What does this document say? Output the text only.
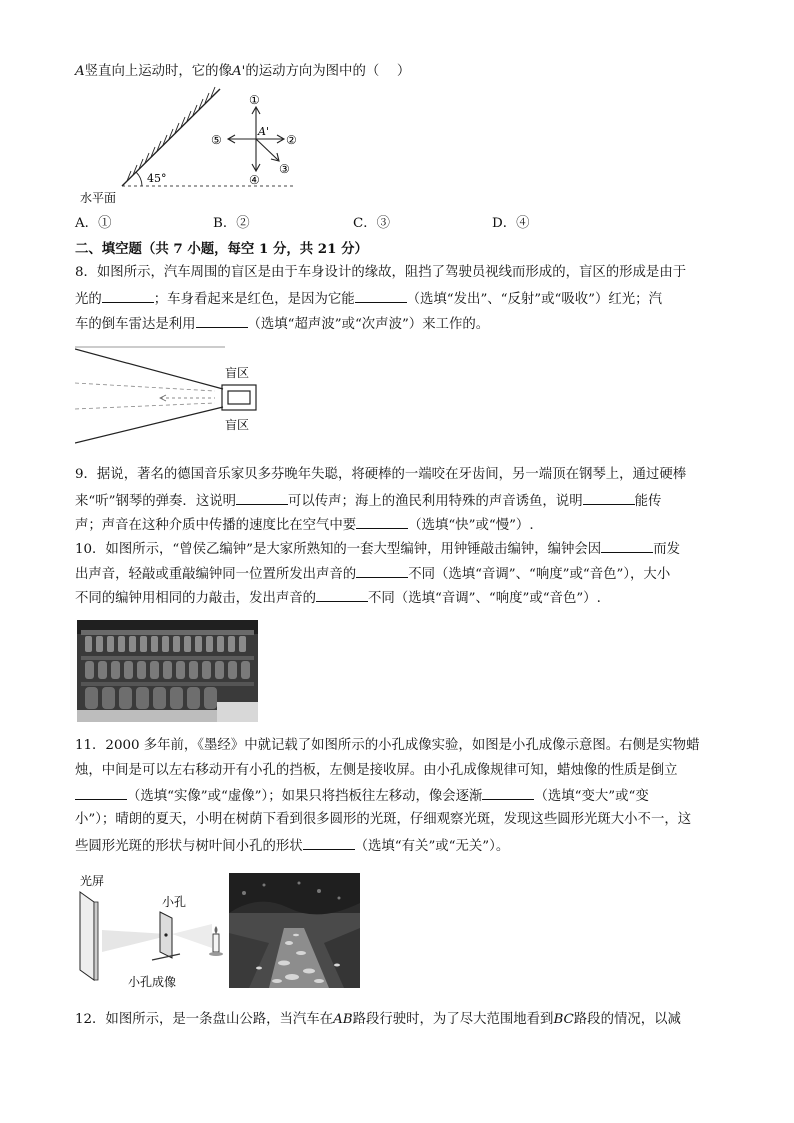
A竖直向上运动时，它的像A'的运动方向为图中的（　 ）
45°
①
②
③
④
⑤
A'
水平面
A．①	B．②	C．③	D．④
二、填空题（共 7 小题，每空 1 分，共 21 分）
8．如图所示，汽车周围的盲区是由于车身设计的缘故，阻挡了驾驶员视线而形成的，盲区的形成是由于
光的	；车身看起来是红色，是因为它能	（选填“发出”、“反射”或“吸收”）红光；汽
车的倒车雷达是利用	（选填“超声波”或“次声波”）来工作的。
盲区
盲区
9．据说，著名的德国音乐家贝多芬晚年失聪，将硬棒的一端咬在牙齿间，另一端顶在钢琴上，通过硬棒
来“听”钢琴的弹奏．这说明	可以传声；海上的渔民利用特殊的声音诱鱼，说明	能传
声；声音在这种介质中传播的速度比在空气中要	（选填“快”或“慢”）.
10．如图所示，“曾侯乙编钟”是大家所熟知的一套大型编钟，用钟锤敲击编钟，编钟会因	而发
出声音，轻敲或重敲编钟同一位置所发出声音的	不同（选填“音调”、“响度”或“音色”），大小
不同的编钟用相同的力敲击，发出声音的	不同（选填“音调”、“响度”或“音色”）.
11．2000 多年前，《墨经》中就记载了如图所示的小孔成像实验，如图是小孔成像示意图。右侧是实物蜡
烛，中间是可以左右移动开有小孔的挡板，左侧是接收屏。由小孔成像规律可知，蜡烛像的性质是倒立
（选填“实像”或“虚像”）；如果只将挡板往左移动，像会逐渐	（选填“变大”或“变
小”）；晴朗的夏天，小明在树荫下看到很多圆形的光斑，仔细观察光斑，发现这些圆形光斑大小不一，这
些圆形光斑的形状与树叶间小孔的形状	（选填“有关”或“无关”）。
光屏
小孔
小孔成像
12．如图所示，是一条盘山公路，当汽车在AB路段行驶时，为了尽大范围地看到BC路段的情况，以减
